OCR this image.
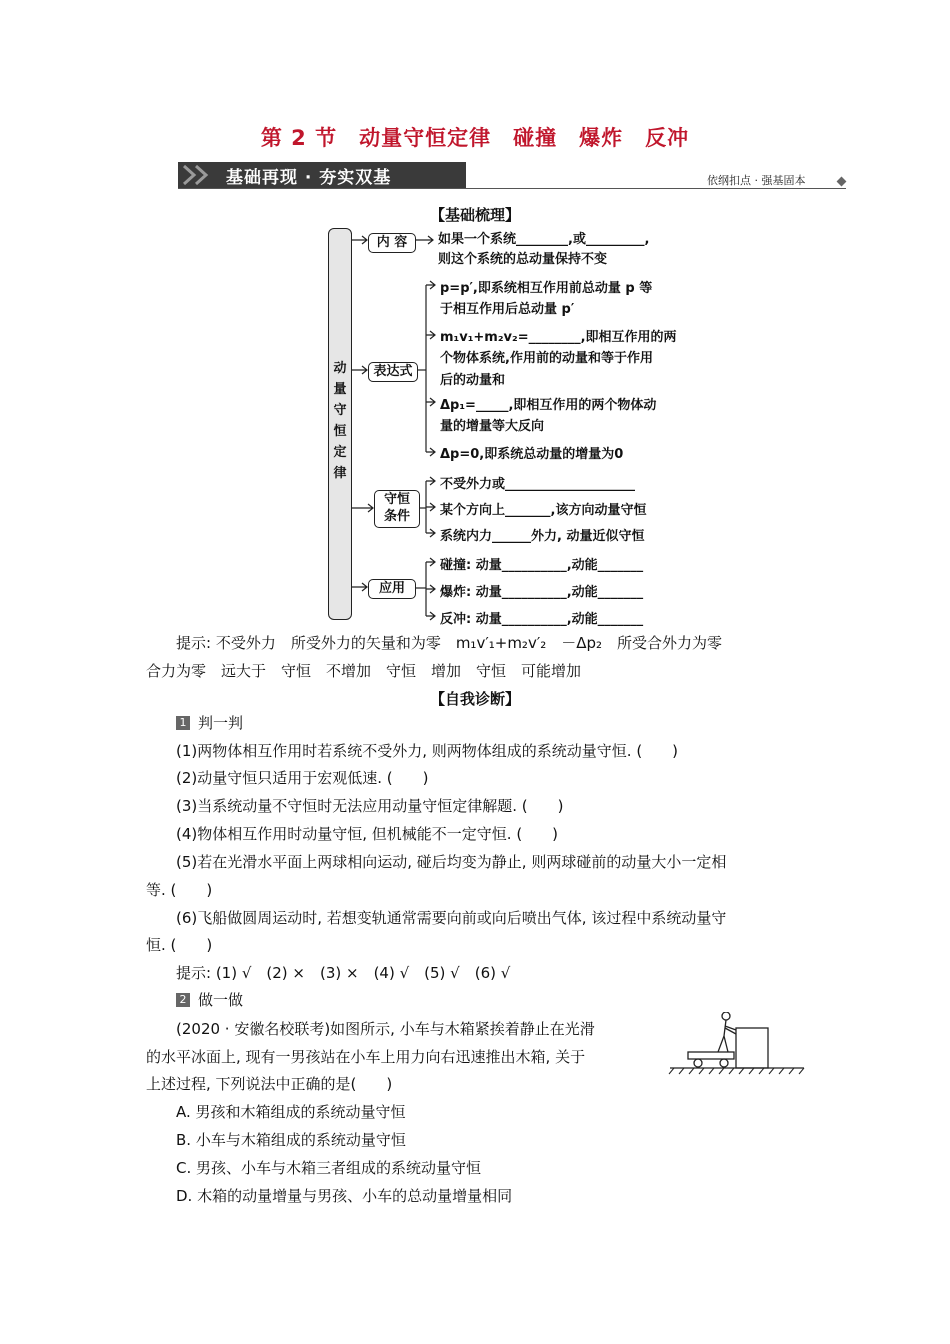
第 2 节　动量守恒定律　碰撞　爆炸　反冲
基础再现 · 夯实双基	依纲扣点 · 强基固本
【基础梳理】
动
量
守
恒
定
律
内 容
表达式
守恒
条件
应用
如果一个系统________,或_________,
则这个系统的总动量保持不变
p=p′,即系统相互作用前总动量 p 等
于相互作用后总动量 p′
m₁v₁+m₂v₂=________,即相互作用的两
个物体系统,作用前的动量和等于作用
后的动量和
Δp₁=_____,即相互作用的两个物体动
量的增量等大反向
Δp=0,即系统总动量的增量为0
不受外力或____________________
某个方向上_______,该方向动量守恒
系统内力______外力, 动量近似守恒
碰撞: 动量__________,动能_______
爆炸: 动量__________,动能_______
反冲: 动量__________,动能_______
提示: 不受外力　所受外力的矢量和为零　m₁v′₁+m₂v′₂　－Δp₂　所受合外力为零
合力为零　远大于　守恒　不增加　守恒　增加　守恒　可能增加
【自我诊断】
1 判一判
(1)两物体相互作用时若系统不受外力, 则两物体组成的系统动量守恒. (　　)
(2)动量守恒只适用于宏观低速. (　　)
(3)当系统动量不守恒时无法应用动量守恒定律解题. (　　)
(4)物体相互作用时动量守恒, 但机械能不一定守恒. (　　)
(5)若在光滑水平面上两球相向运动, 碰后均变为静止, 则两球碰前的动量大小一定相
等. (　　)
(6)飞船做圆周运动时, 若想变轨通常需要向前或向后喷出气体, 该过程中系统动量守
恒. (　　)
提示: (1) √　(2) ×　(3) ×　(4) √　(5) √　(6) √
2 做一做
(2020 · 安徽名校联考)如图所示, 小车与木箱紧挨着静止在光滑
的水平冰面上, 现有一男孩站在小车上用力向右迅速推出木箱, 关于
上述过程, 下列说法中正确的是(　　)
A. 男孩和木箱组成的系统动量守恒
B. 小车与木箱组成的系统动量守恒
C. 男孩、小车与木箱三者组成的系统动量守恒
D. 木箱的动量增量与男孩、小车的总动量增量相同
